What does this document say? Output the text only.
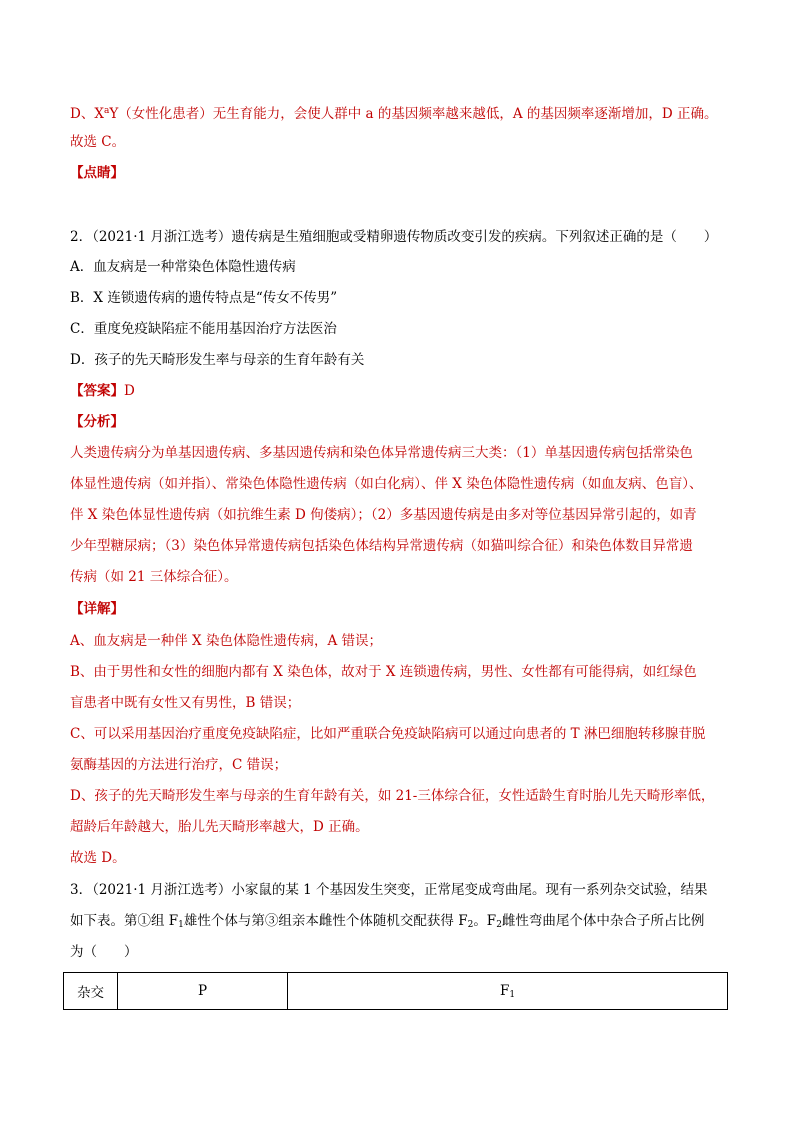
D、$X^aY$（女性化患者）无生育能力，会使人群中 a 的基因频率越来越低，A 的基因频率逐渐增加，D 正确。
故选 C。
【点睛】
2．（2021·1 月浙江选考）遗传病是生殖细胞或受精卵遗传物质改变引发的疾病。下列叙述正确的是（　　）
A．血友病是一种常染色体隐性遗传病
B．X 连锁遗传病的遗传特点是“传女不传男”
C．重度免疫缺陷症不能用基因治疗方法医治
D．孩子的先天畸形发生率与母亲的生育年龄有关
【答案】D
【分析】
人类遗传病分为单基因遗传病、多基因遗传病和染色体异常遗传病三大类：（1）单基因遗传病包括常染色
体显性遗传病（如并指）、常染色体隐性遗传病（如白化病）、伴 X 染色体隐性遗传病（如血友病、色盲）、
伴 X 染色体显性遗传病（如抗维生素 D 佝偻病）；（2）多基因遗传病是由多对等位基因异常引起的，如青
少年型糖尿病；（3）染色体异常遗传病包括染色体结构异常遗传病（如猫叫综合征）和染色体数目异常遗
传病（如 21 三体综合征）。
【详解】
A、血友病是一种伴 X 染色体隐性遗传病，A 错误；
B、由于男性和女性的细胞内都有 X 染色体，故对于 X 连锁遗传病，男性、女性都有可能得病，如红绿色
盲患者中既有女性又有男性，B 错误；
C、可以采用基因治疗重度免疫缺陷症，比如严重联合免疫缺陷病可以通过向患者的 T 淋巴细胞转移腺苷脱
氨酶基因的方法进行治疗，C 错误；
D、孩子的先天畸形发生率与母亲的生育年龄有关，如 21-三体综合征，女性适龄生育时胎儿先天畸形率低，
超龄后年龄越大，胎儿先天畸形率越大，D 正确。
故选 D。
3．（2021·1 月浙江选考）小家鼠的某 1 个基因发生突变，正常尾变成弯曲尾。现有一系列杂交试验，结果
如下表。第①组 $F_1$雄性个体与第③组亲本雌性个体随机交配获得 $F_2$。$F_2$雌性弯曲尾个体中杂合子所占比例
为（　　）
杂交	P	$F_1$
